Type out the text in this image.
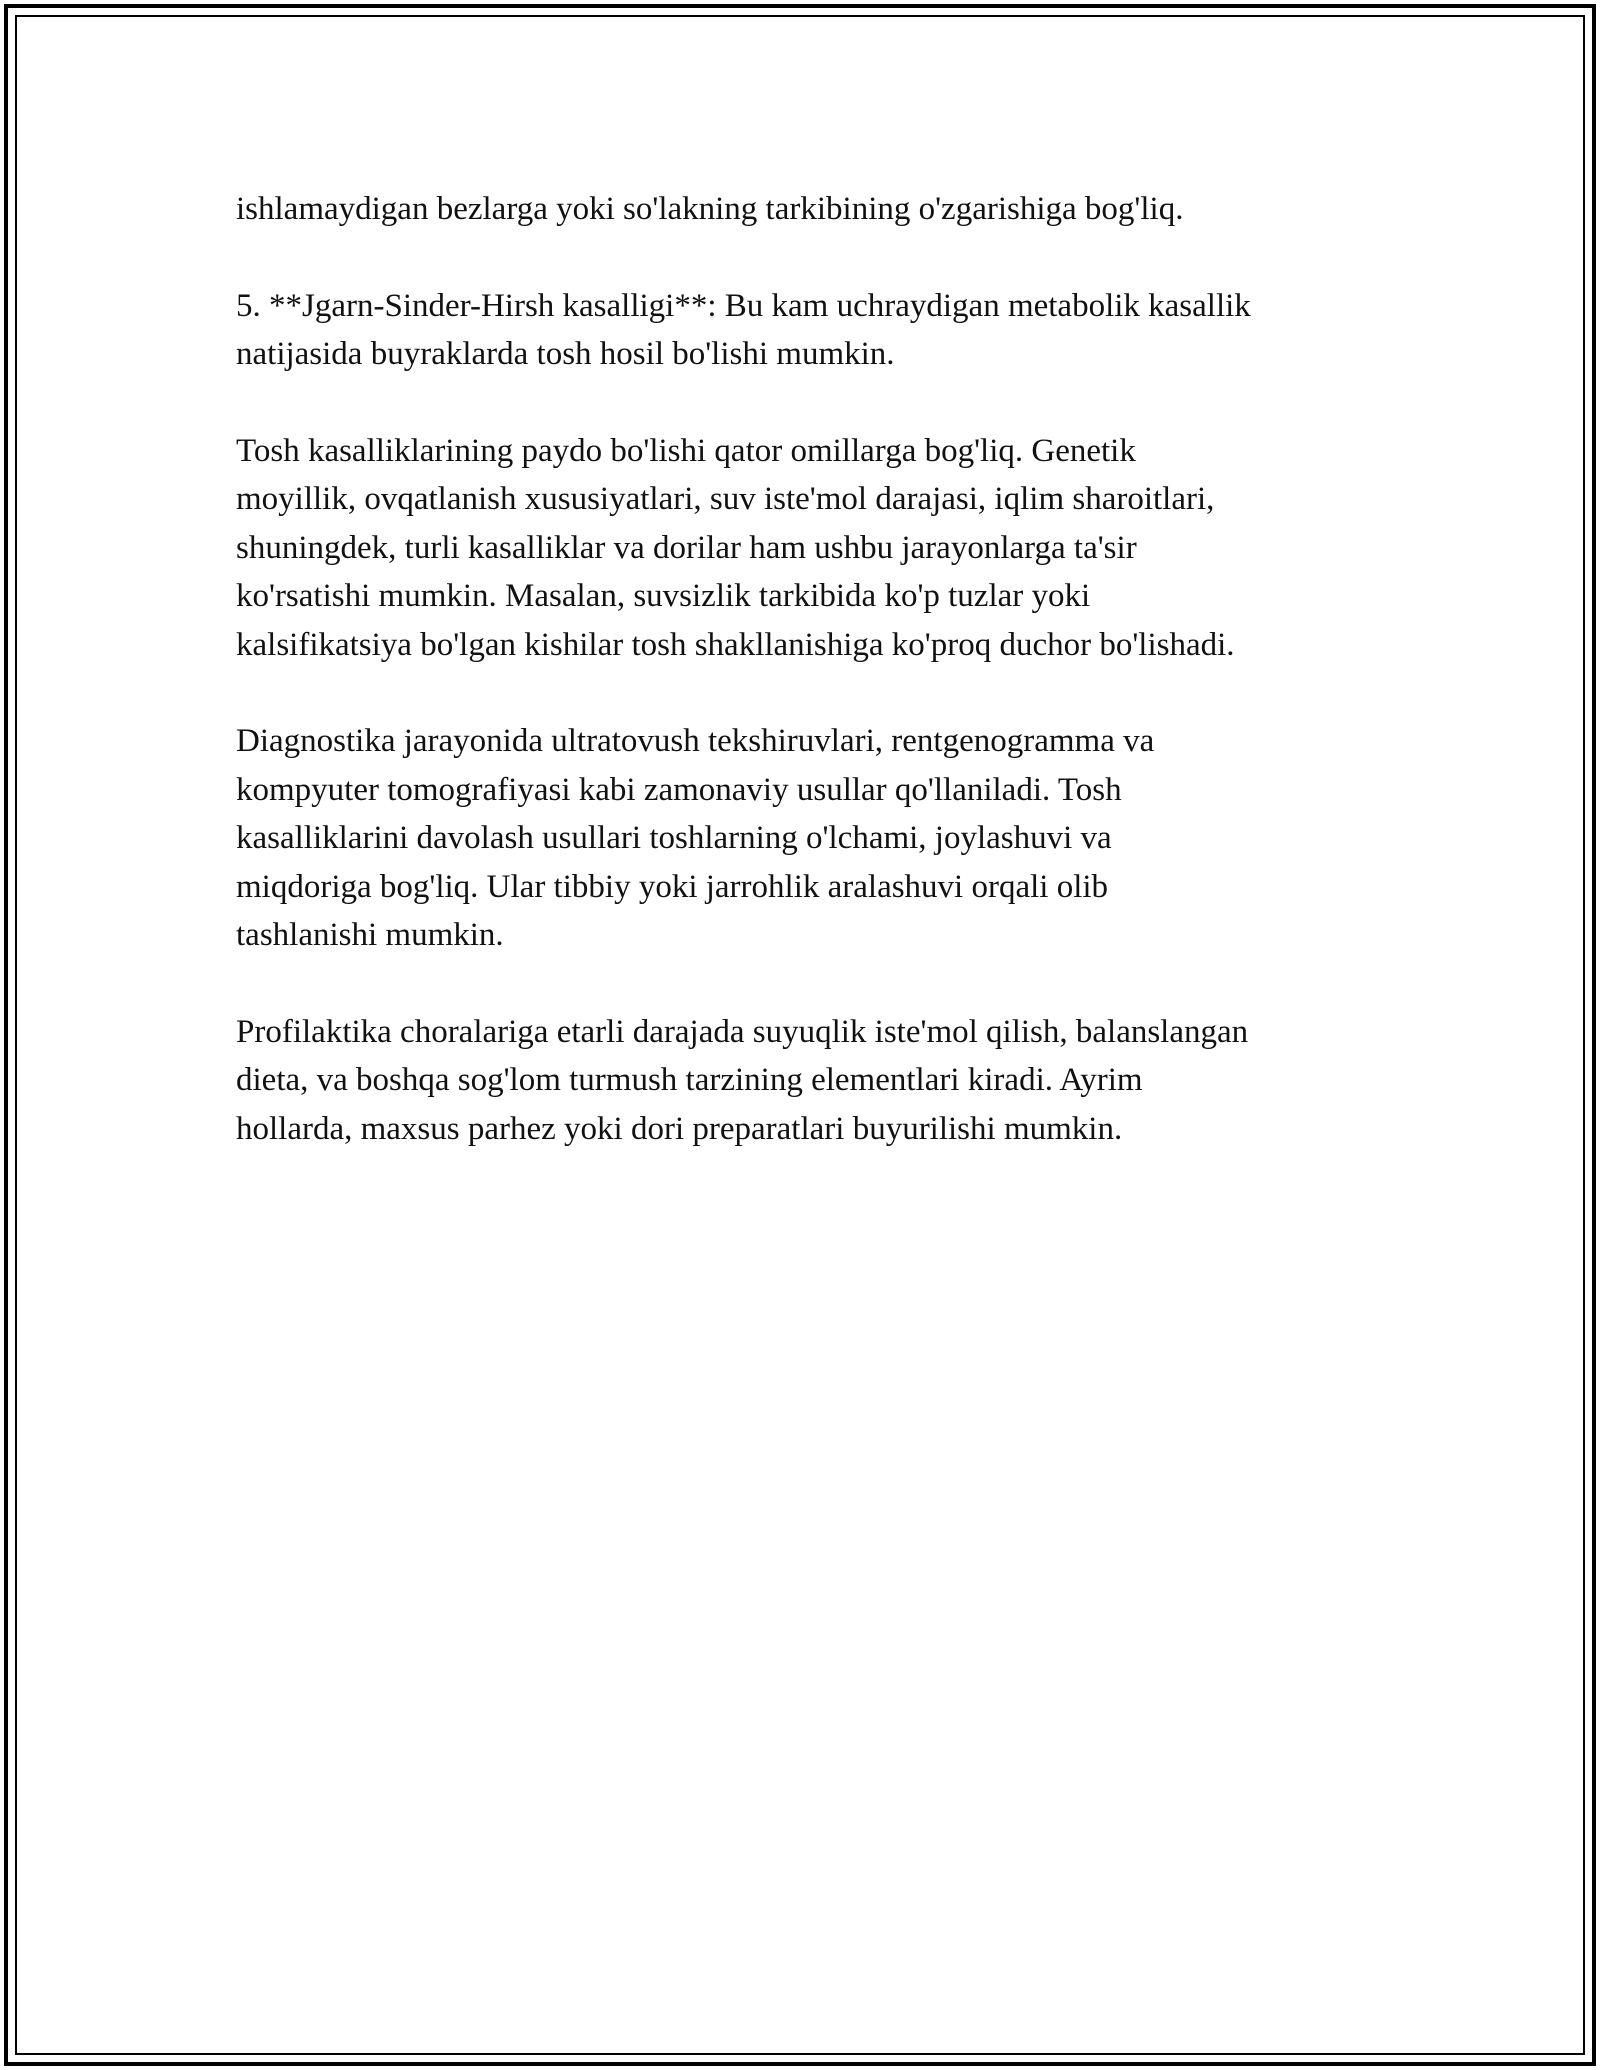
ishlamaydigan bezlarga yoki so'lakning tarkibining o'zgarishiga bog'liq.

5. **Jgarn-Sinder-Hirsh kasalligi**: Bu kam uchraydigan metabolik kasallik
natijasida buyraklarda tosh hosil bo'lishi mumkin.

Tosh kasalliklarining paydo bo'lishi qator omillarga bog'liq. Genetik
moyillik, ovqatlanish xususiyatlari, suv iste'mol darajasi, iqlim sharoitlari,
shuningdek, turli kasalliklar va dorilar ham ushbu jarayonlarga ta'sir
ko'rsatishi mumkin. Masalan, suvsizlik tarkibida ko'p tuzlar yoki
kalsifikatsiya bo'lgan kishilar tosh shakllanishiga ko'proq duchor bo'lishadi.

Diagnostika jarayonida ultratovush tekshiruvlari, rentgenogramma va
kompyuter tomografiyasi kabi zamonaviy usullar qo'llaniladi. Tosh
kasalliklarini davolash usullari toshlarning o'lchami, joylashuvi va
miqdoriga bog'liq. Ular tibbiy yoki jarrohlik aralashuvi orqali olib
tashlanishi mumkin.

Profilaktika choralariga etarli darajada suyuqlik iste'mol qilish, balanslangan
dieta, va boshqa sog'lom turmush tarzining elementlari kiradi. Ayrim
hollarda, maxsus parhez yoki dori preparatlari buyurilishi mumkin.
